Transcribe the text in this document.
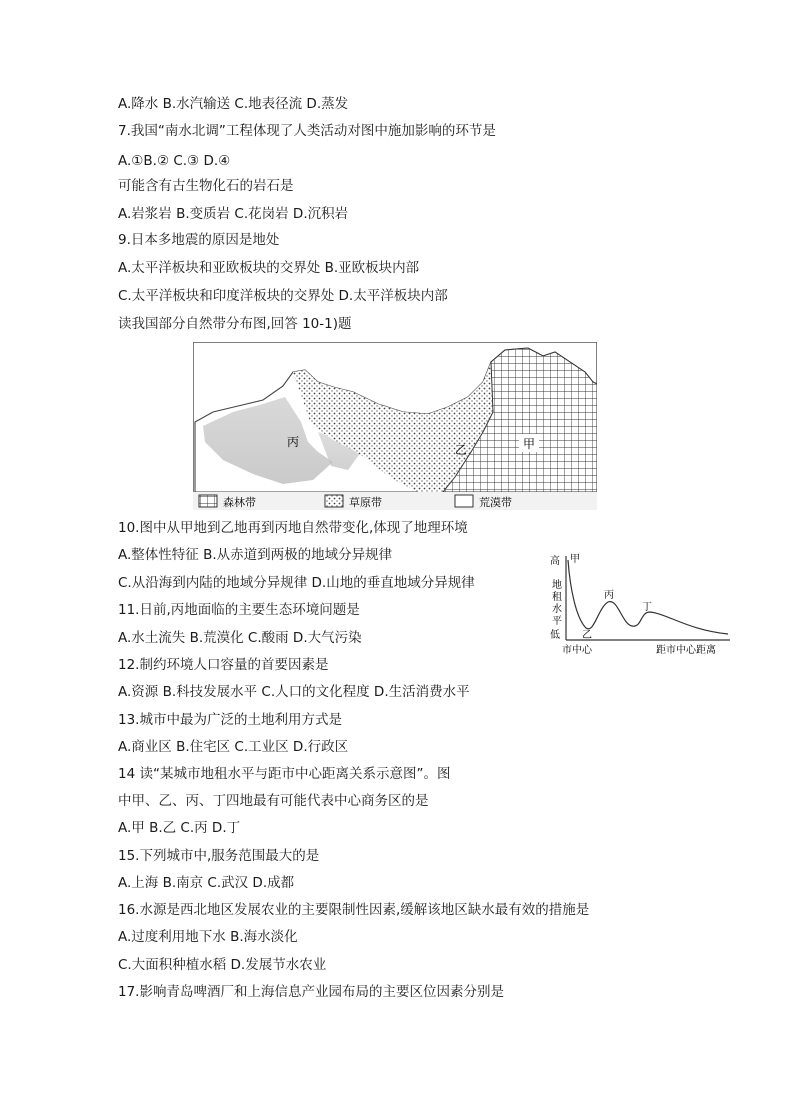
A.降水 B.水汽输送 C.地表径流 D.蒸发
7.我国“南水北调”工程体现了人类活动对图中施加影响的环节是
A.①B.② C.③ D.④
可能含有古生物化石的岩石是
A.岩浆岩 B.变质岩 C.花岗岩 D.沉积岩
9.日本多地震的原因是地处
A.太平洋板块和亚欧板块的交界处 B.亚欧板块内部
C.太平洋板块和印度洋板块的交界处 D.太平洋板块内部
读我国部分自然带分布图,回答 10-1)题
10.图中从甲地到乙地再到丙地自然带变化,体现了地理环境
A.整体性特征 B.从赤道到两极的地域分异规律
C.从沿海到内陆的地域分异规律 D.山地的垂直地域分异规律
11.日前,丙地面临的主要生态环境问题是
A.水土流失 B.荒漠化 C.酸雨 D.大气污染
12.制约环境人口容量的首要因素是
A.资源 B.科技发展水平 C.人口的文化程度 D.生活消费水平
13.城市中最为广泛的土地利用方式是
A.商业区 B.住宅区 C.工业区 D.行政区
14 读“某城市地租水平与距市中心距离关系示意图”。图
中甲、乙、丙、丁四地最有可能代表中心商务区的是
A.甲 B.乙 C.丙 D.丁
15.下列城市中,服务范围最大的是
A.上海 B.南京 C.武汉 D.成都
16.水源是西北地区发展农业的主要限制性因素,缓解该地区缺水最有效的措施是
A.过度利用地下水 B.海水淡化
C.大面积种植水稻 D.发展节水农业
17.影响青岛啤酒厂和上海信息产业园布局的主要区位因素分别是
甲
乙
丙
森林带	草原带	荒漠带
高
低
地
租
水
平
甲
乙
丙
丁
市中心	距市中心距离
